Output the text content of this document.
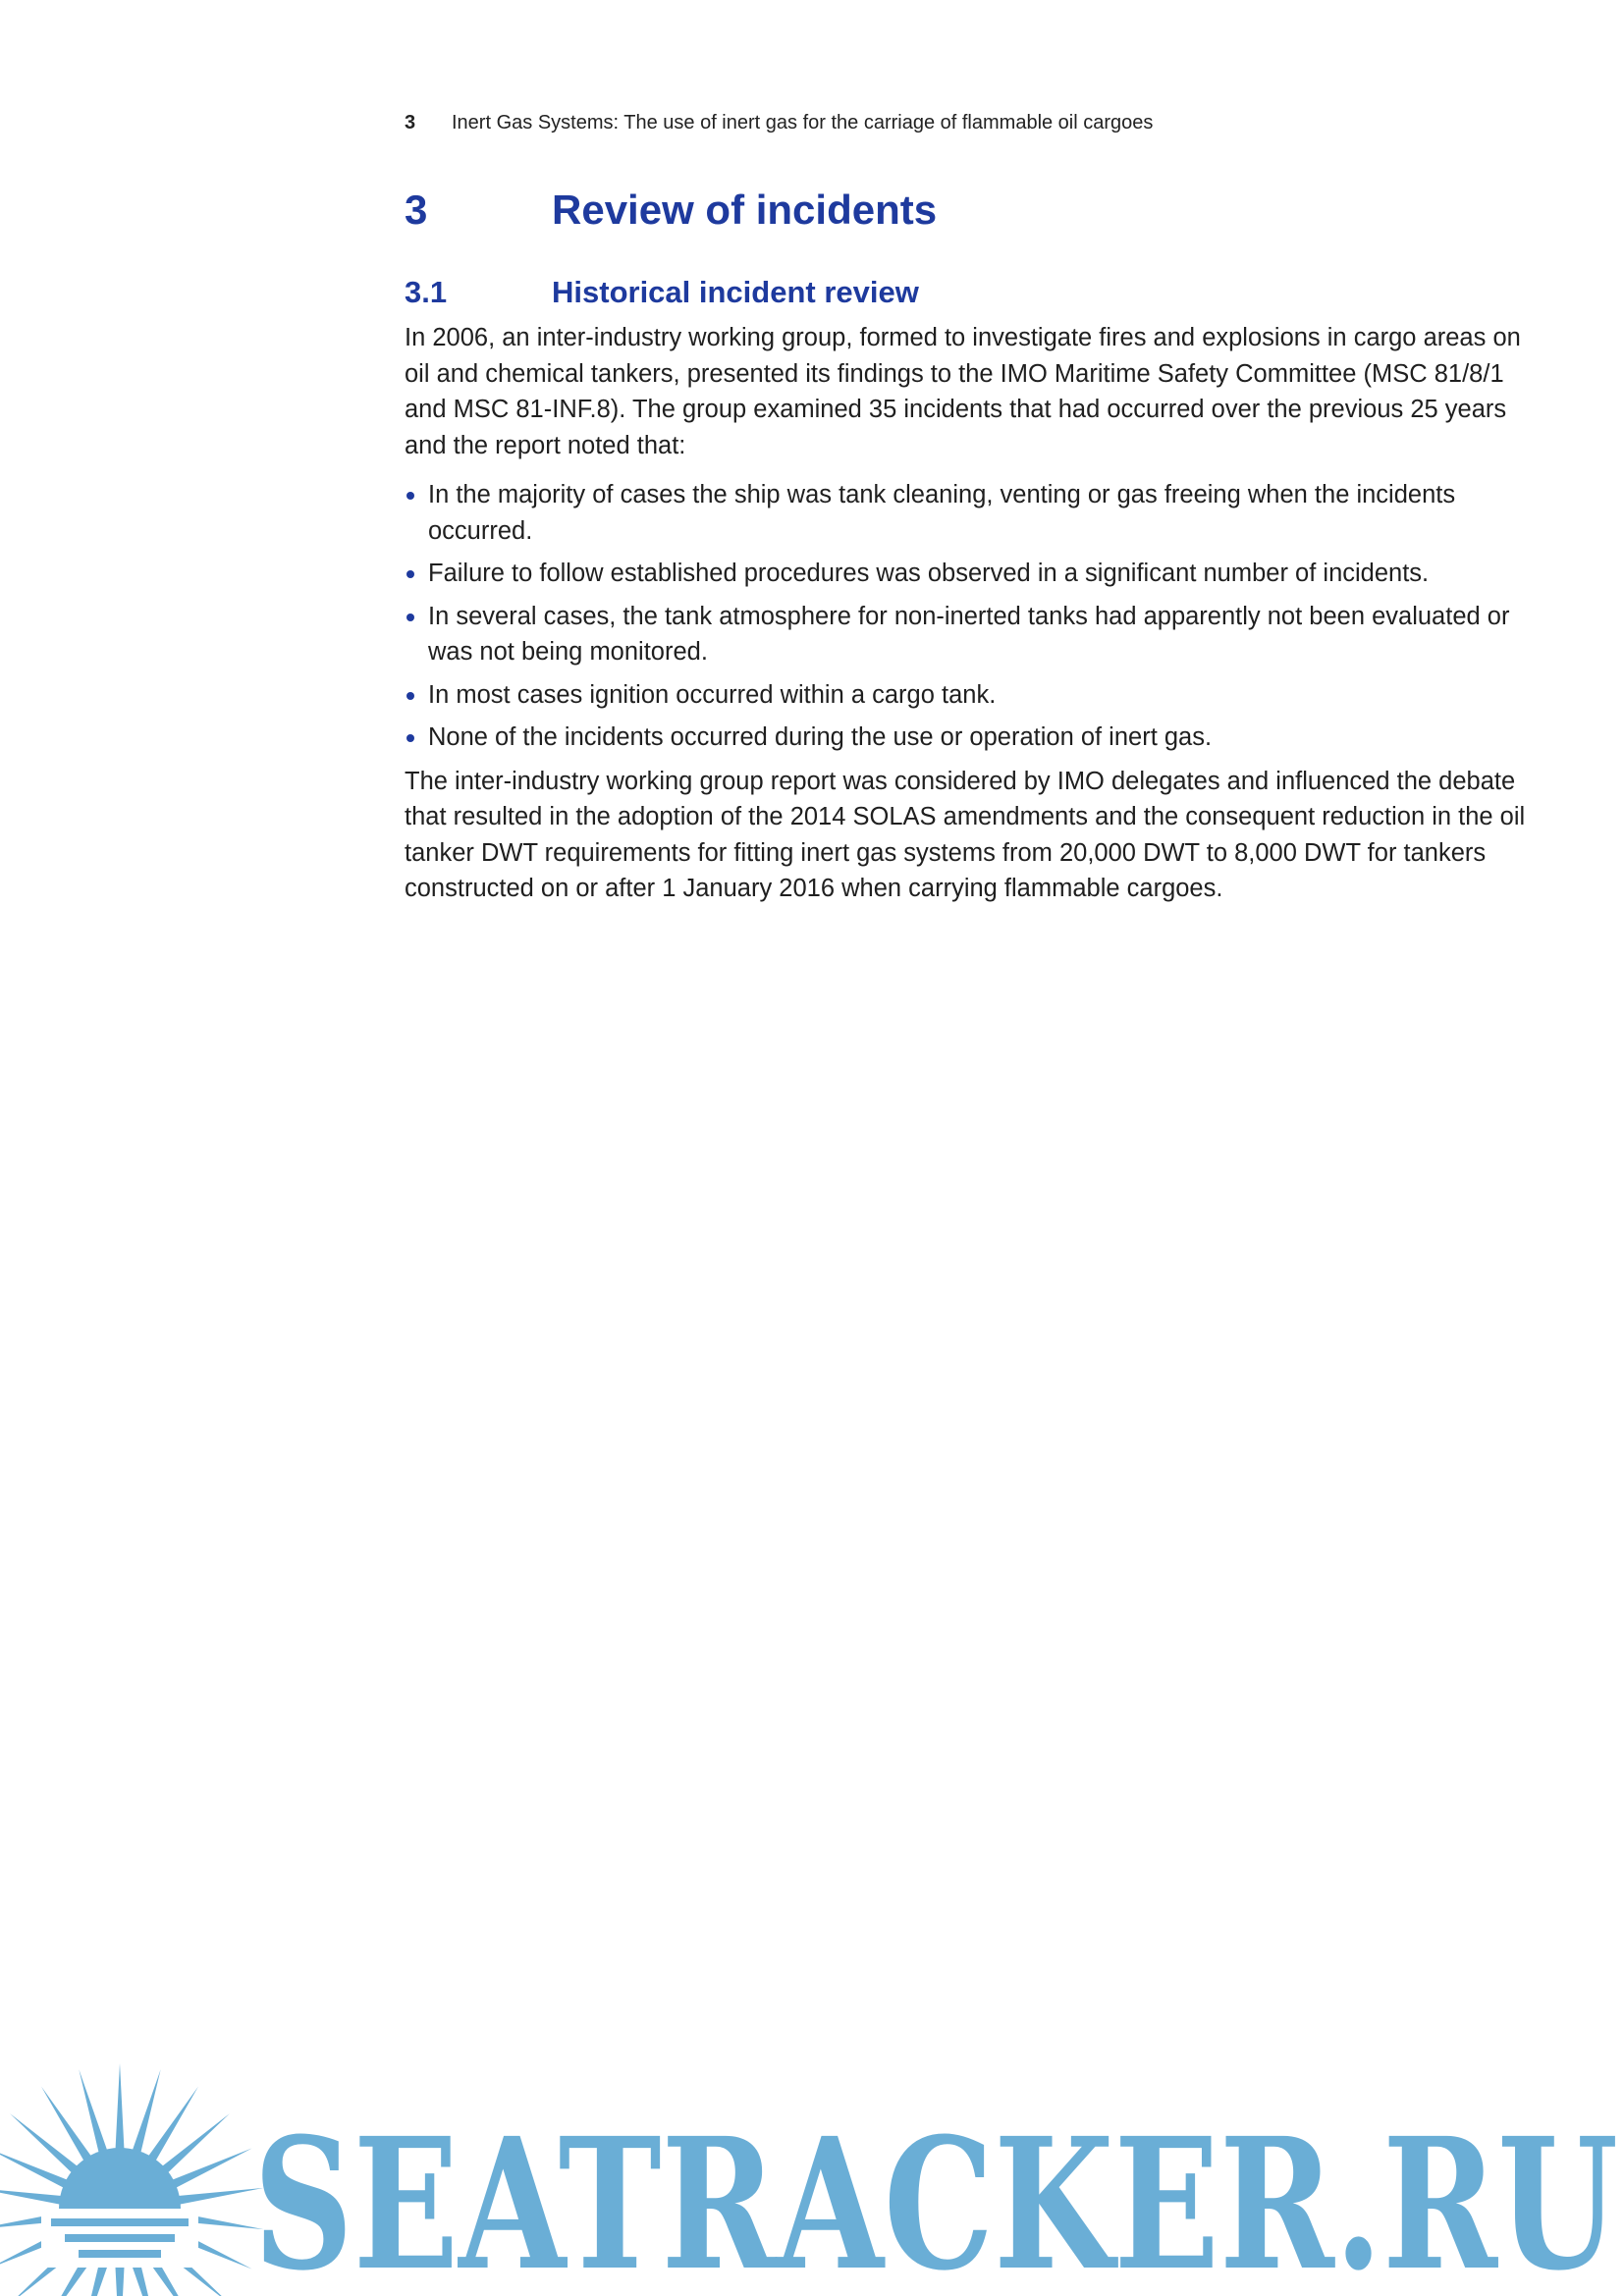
3 Inert Gas Systems: The use of inert gas for the carriage of flammable oil cargoes
3	Review of incidents
3.1	Historical incident review

In 2006, an inter-industry working group, formed to investigate fires and explosions in cargo areas on oil and chemical tankers, presented its findings to the IMO Maritime Safety Committee (MSC 81/8/1 and MSC 81-INF.8). The group examined 35 incidents that had occurred over the previous 25 years and the report noted that:

In the majority of cases the ship was tank cleaning, venting or gas freeing when the incidents occurred.
Failure to follow established procedures was observed in a significant number of incidents.
In several cases, the tank atmosphere for non-inerted tanks had apparently not been evaluated or was not being monitored.
In most cases ignition occurred within a cargo tank.
None of the incidents occurred during the use or operation of inert gas.

The inter-industry working group report was considered by IMO delegates and influenced the debate that resulted in the adoption of the 2014 SOLAS amendments and the consequent reduction in the oil tanker DWT requirements for fitting inert gas systems from 20,000 DWT to 8,000 DWT for tankers constructed on or after 1 January 2016 when carrying flammable cargoes.

SEATRACKER.RU
